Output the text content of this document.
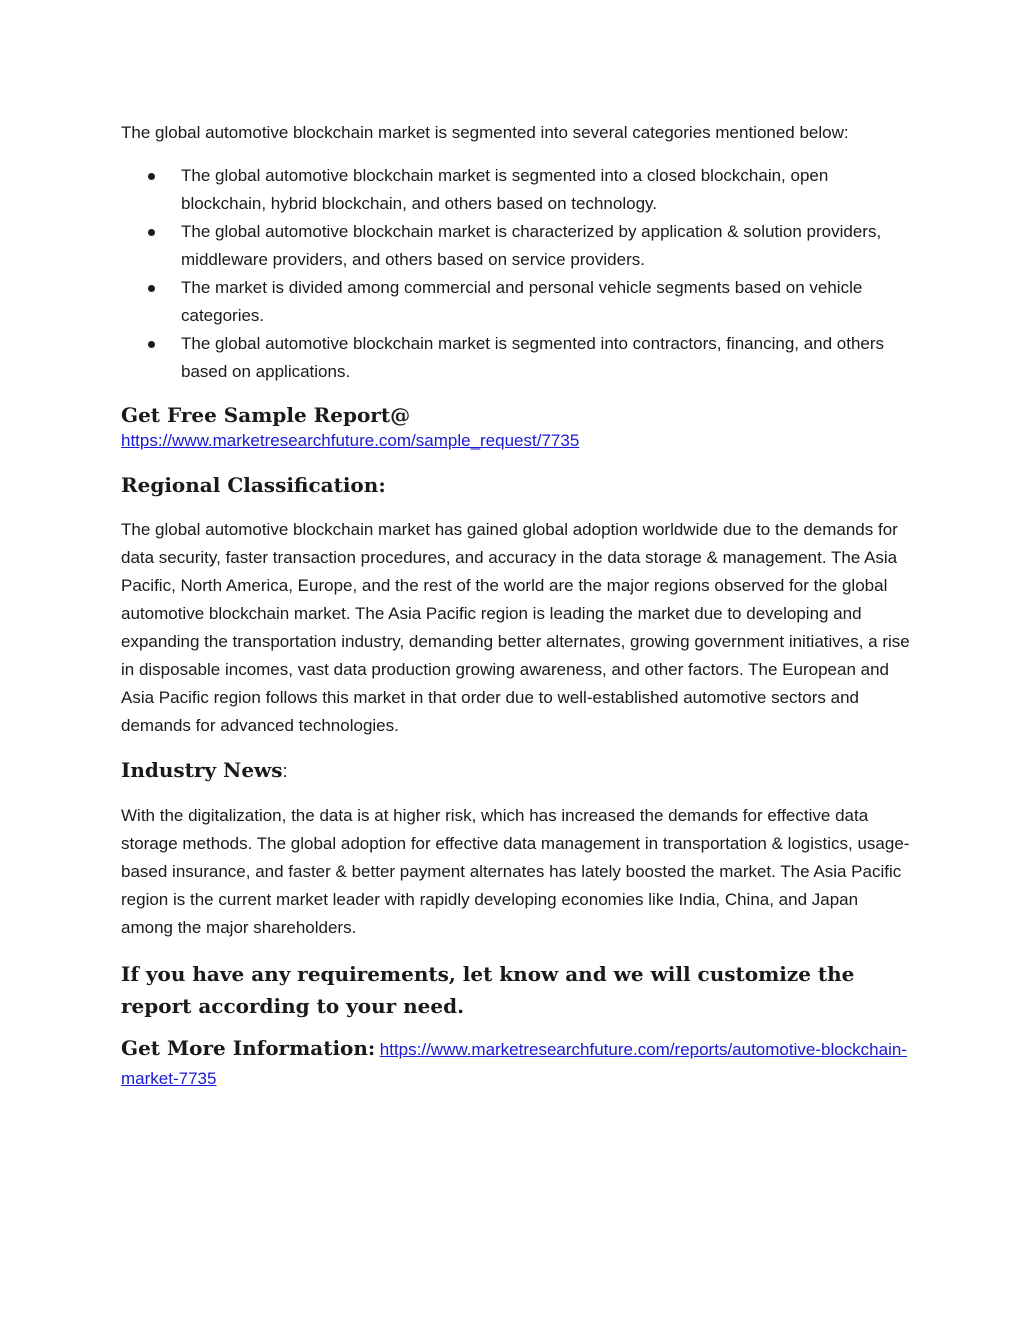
The global automotive blockchain market is segmented into several categories mentioned below:

The global automotive blockchain market is segmented into a closed blockchain, open blockchain, hybrid blockchain, and others based on technology.
The global automotive blockchain market is characterized by application & solution providers, middleware providers, and others based on service providers.
The market is divided among commercial and personal vehicle segments based on vehicle categories.
The global automotive blockchain market is segmented into contractors, financing, and others based on applications.
Get Free Sample Report@
https://www.marketresearchfuture.com/sample_request/7735
Regional Classification:

The global automotive blockchain market has gained global adoption worldwide due to the demands for data security, faster transaction procedures, and accuracy in the data storage & management. The Asia Pacific, North America, Europe, and the rest of the world are the major regions observed for the global automotive blockchain market. The Asia Pacific region is leading the market due to developing and expanding the transportation industry, demanding better alternates, growing government initiatives, a rise in disposable incomes, vast data production growing awareness, and other factors. The European and Asia Pacific region follows this market in that order due to well-established automotive sectors and demands for advanced technologies.

Industry News:

With the digitalization, the data is at higher risk, which has increased the demands for effective data storage methods. The global adoption for effective data management in transportation & logistics, usage-based insurance, and faster & better payment alternates has lately boosted the market. The Asia Pacific region is the current market leader with rapidly developing economies like India, China, and Japan among the major shareholders.

If you have any requirements, let know and we will customize the report according to your need.
Get More Information: https://www.marketresearchfuture.com/reports/automotive-blockchain-market-7735
